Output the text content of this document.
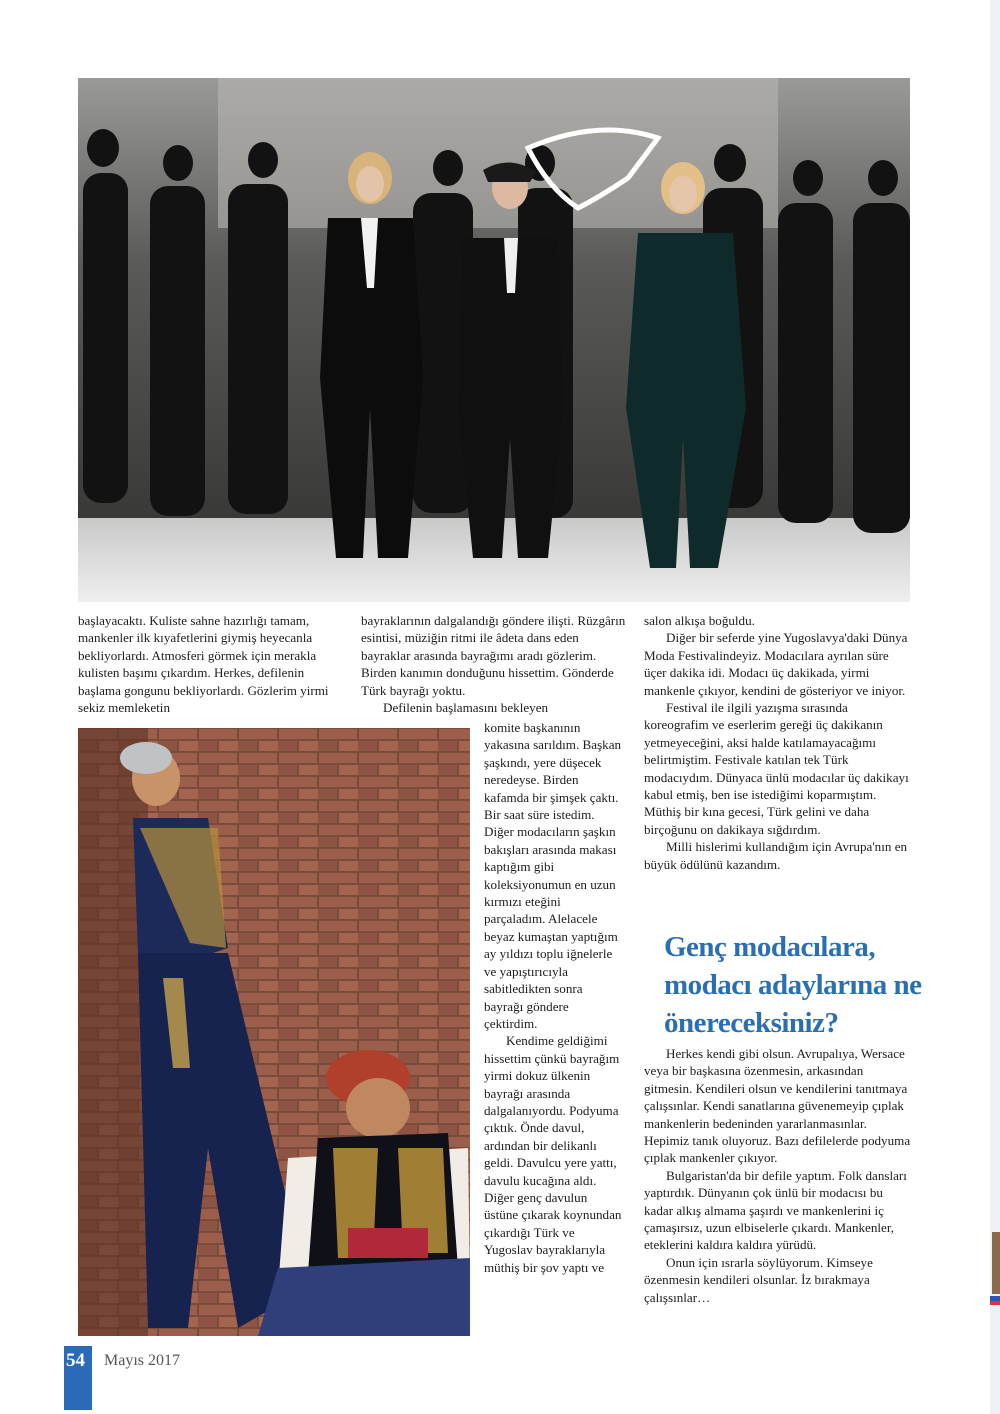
başlayacaktı. Kuliste sahne hazırlığı tamam, mankenler ilk kıyafetlerini giymiş heyecanla bekliyorlardı. Atmosferi görmek için merakla kulisten başımı çıkardım. Herkes, defilenin başlama gongunu bekliyorlardı. Gözlerim yirmi sekiz memleketin

bayraklarının dalgalandığı göndere ilişti. Rüzgârın esintisi, müziğin ritmi ile âdeta dans eden bayraklar arasında bayrağımı aradı gözlerim. Birden kanımın donduğunu hissettim. Gönderde Türk bayrağı yoktu.

Defilenin başlamasını bekleyen

komite başkanının yakasına sarıldım. Başkan şaşkındı, yere düşecek neredeyse. Birden kafamda bir şimşek çaktı. Bir saat süre istedim. Diğer modacıların şaşkın bakışları arasında makası kaptığım gibi koleksiyonumun en uzun kırmızı eteğini parçaladım. Alelacele beyaz kumaştan yaptığım ay yıldızı toplu iğnelerle ve yapıştırıcıyla sabitledikten sonra bayrağı göndere çektirdim.

Kendime geldiğimi hissettim çünkü bayrağım yirmi dokuz ülkenin bayrağı arasında dalgalanıyordu. Podyuma çıktık. Önde davul, ardından bir delikanlı geldi. Davulcu yere yattı, davulu kucağına aldı. Diğer genç davulun üstüne çıkarak koynundan çıkardığı Türk ve Yugoslav bayraklarıyla müthiş bir şov yaptı ve

salon alkışa boğuldu.

Diğer bir seferde yine Yugoslavya'daki Dünya Moda Festivalindeyiz. Modacılara ayrılan süre üçer dakika idi. Modacı üç dakikada, yirmi mankenle çıkıyor, kendini de gösteriyor ve iniyor.

Festival ile ilgili yazışma sırasında koreografim ve eserlerim gereği üç dakikanın yetmeyeceğini, aksi halde katılamayacağımı belirtmiştim. Festivale katılan tek Türk modacıydım. Dünyaca ünlü modacılar üç dakikayı kabul etmiş, ben ise istediğimi koparmıştım. Müthiş bir kına gecesi, Türk gelini ve daha birçoğunu on dakikaya sığdırdım.

Milli hislerimi kullandığım için Avrupa'nın en büyük ödülünü kazandım.

Genç modacılara, modacı adaylarına ne önereceksiniz?

Herkes kendi gibi olsun. Avrupalıya, Wersace veya bir başkasına özenmesin, arkasından gitmesin. Kendileri olsun ve kendilerini tanıtmaya çalışsınlar. Kendi sanatlarına güvenemeyip çıplak mankenlerin bedeninden yararlanmasınlar. Hepimiz tanık oluyoruz. Bazı defilelerde podyuma çıplak mankenler çıkıyor.

Bulgaristan'da bir defile yaptım. Folk dansları yaptırdık. Dünyanın çok ünlü bir modacısı bu kadar alkış almama şaşırdı ve mankenlerini iç çamaşırsız, uzun elbiselerle çıkardı. Mankenler, eteklerini kaldıra kaldıra yürüdü.

Onun için ısrarla söylüyorum. Kimseye özenmesin kendileri olsunlar. İz bırakmaya çalışsınlar…

54 Mayıs 2017
